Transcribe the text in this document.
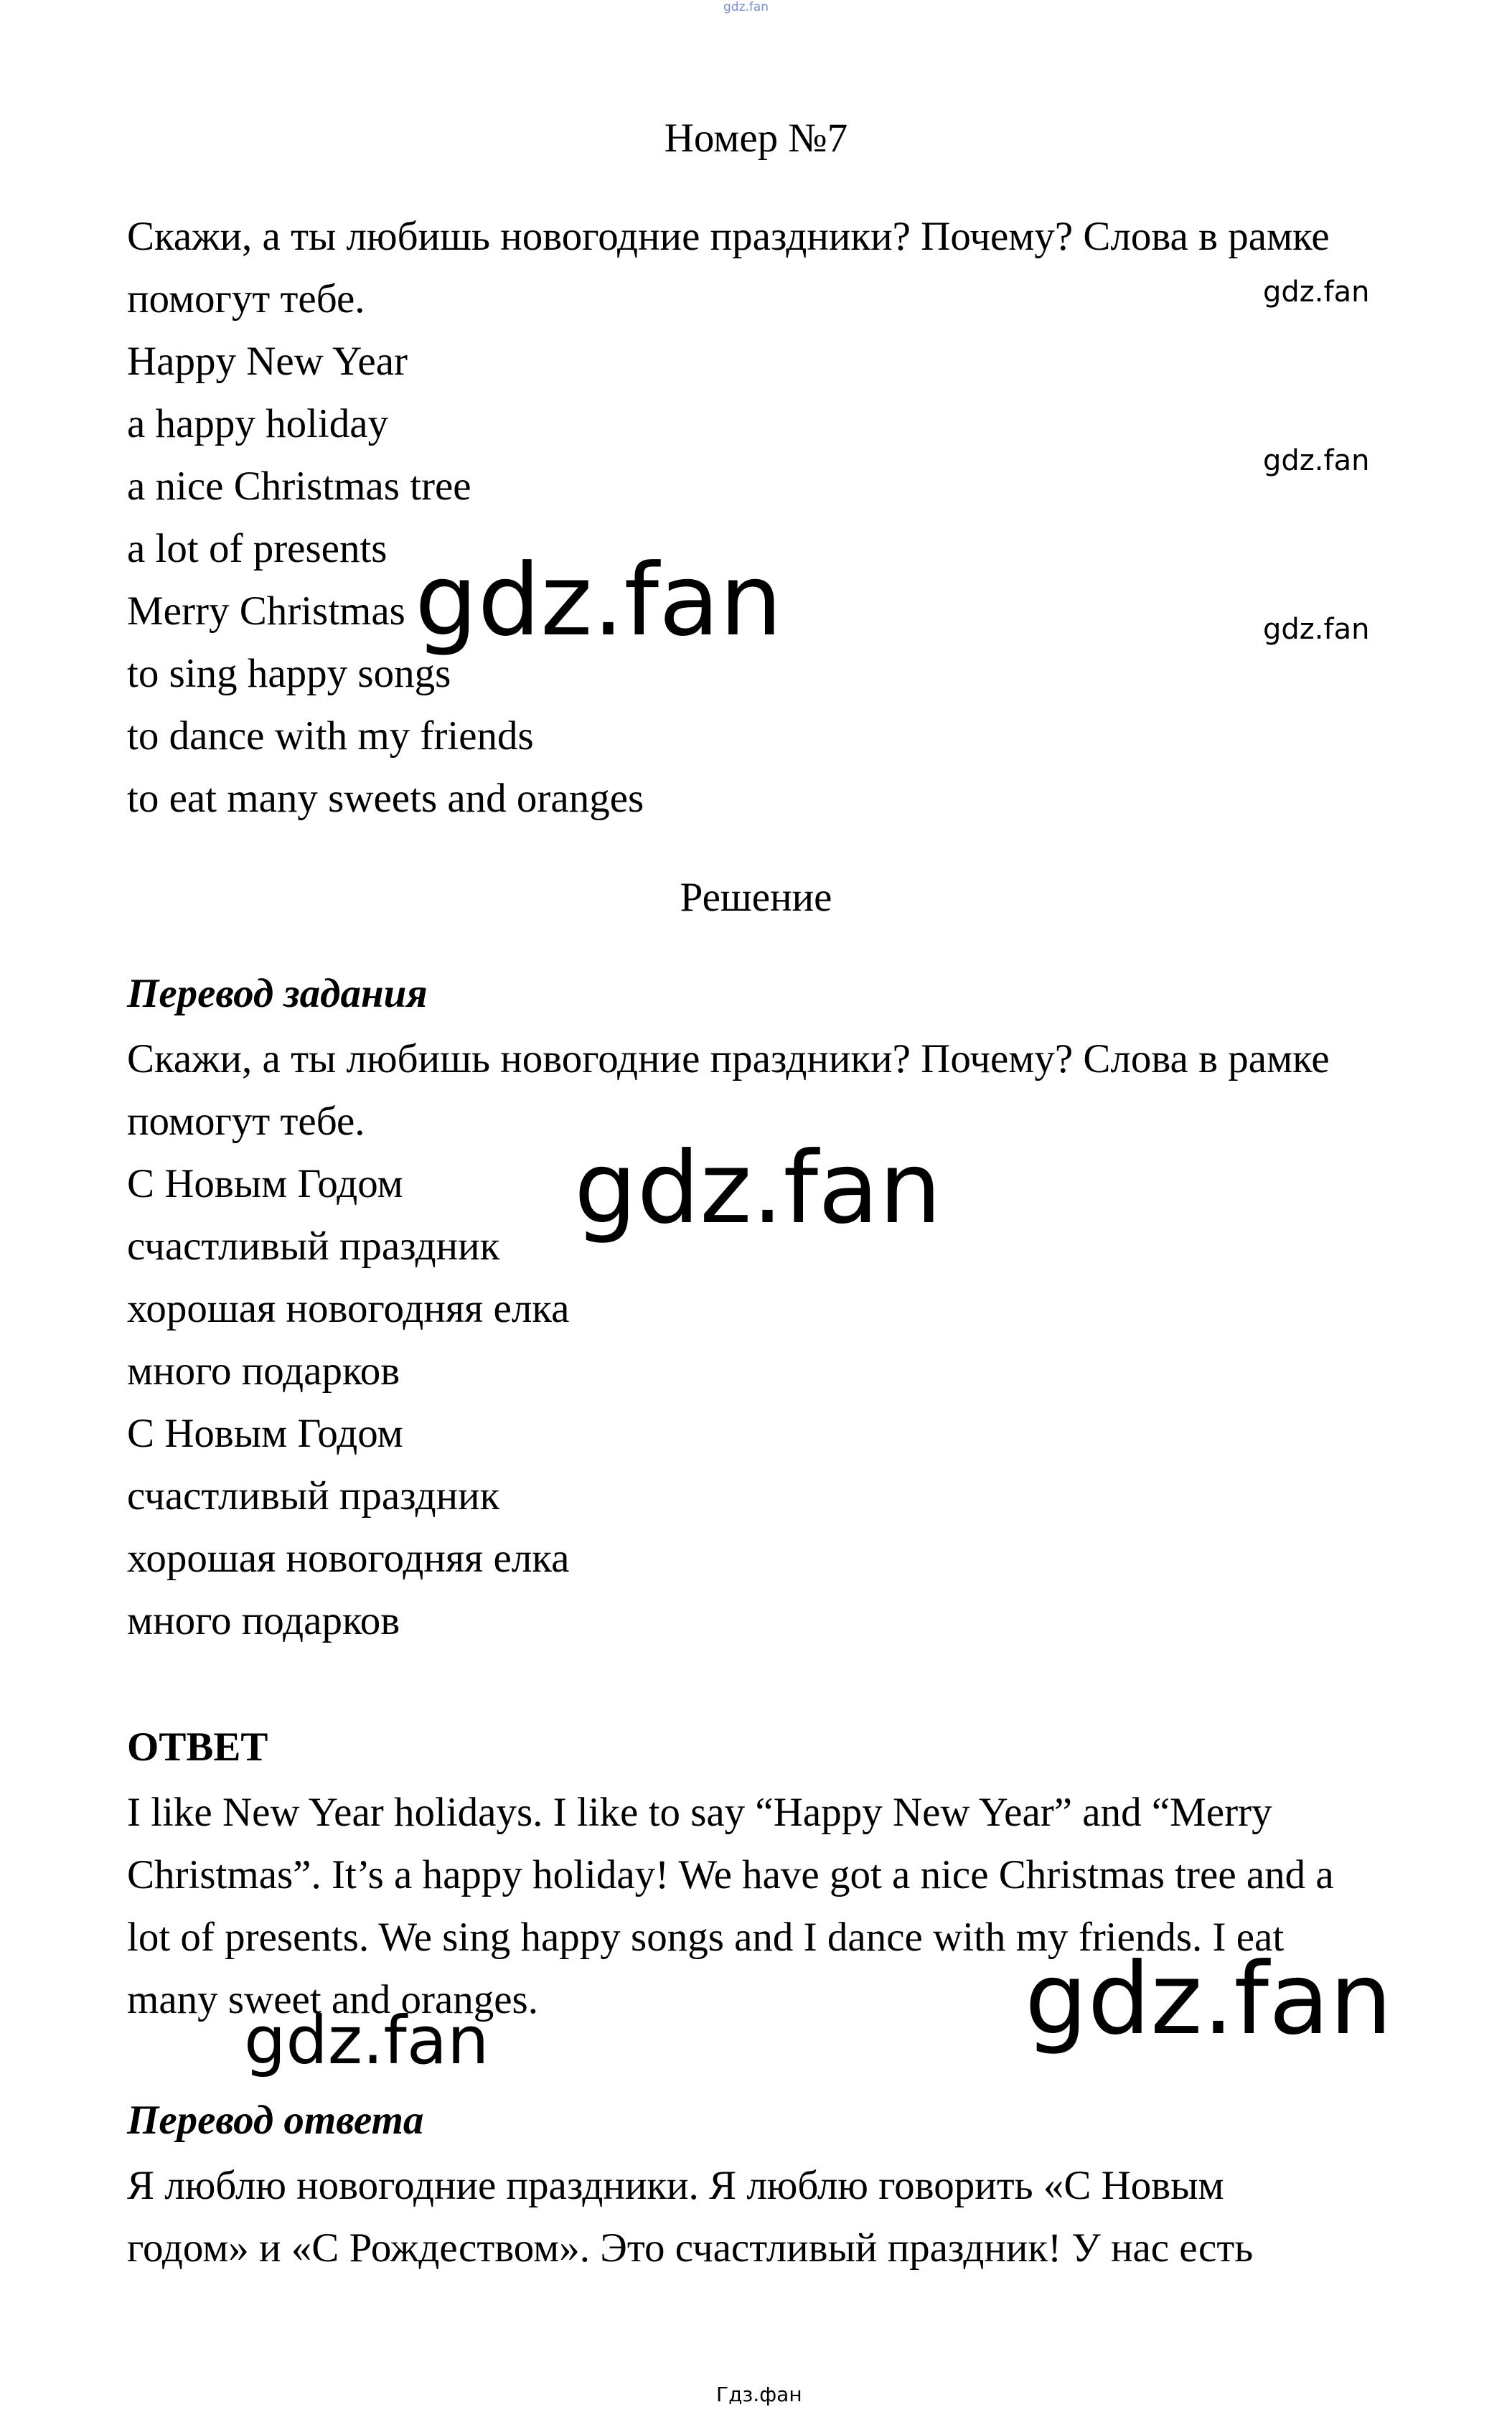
gdz.fan
Номер №7
Скажи, а ты любишь новогодние праздники? Почему? Слова в рамке
помогут тебе.
Happy New Year
a happy holiday
a nice Christmas tree
a lot of presents
Merry Christmas
to sing happy songs
to dance with my friends
to eat many sweets and oranges
gdz.fan
gdz.fan
gdz.fan
gdz.fan
Решение
Перевод задания
Скажи, а ты любишь новогодние праздники? Почему? Слова в рамке
помогут тебе.
С Новым Годом
счастливый праздник
хорошая новогодняя елка
много подарков
С Новым Годом
счастливый праздник
хорошая новогодняя елка
много подарков
gdz.fan
ОТВЕТ
I like New Year holidays. I like to say “Happy New Year” and “Merry
Christmas”. It’s a happy holiday! We have got a nice Christmas tree and a
lot of presents. We sing happy songs and I dance with my friends. I eat
many sweet and oranges.	gdz.fan
gdz.fan
Перевод ответа
Я люблю новогодние праздники. Я люблю говорить «С Новым
годом» и «С Рождеством». Это счастливый праздник! У нас есть
Гдз.фан
